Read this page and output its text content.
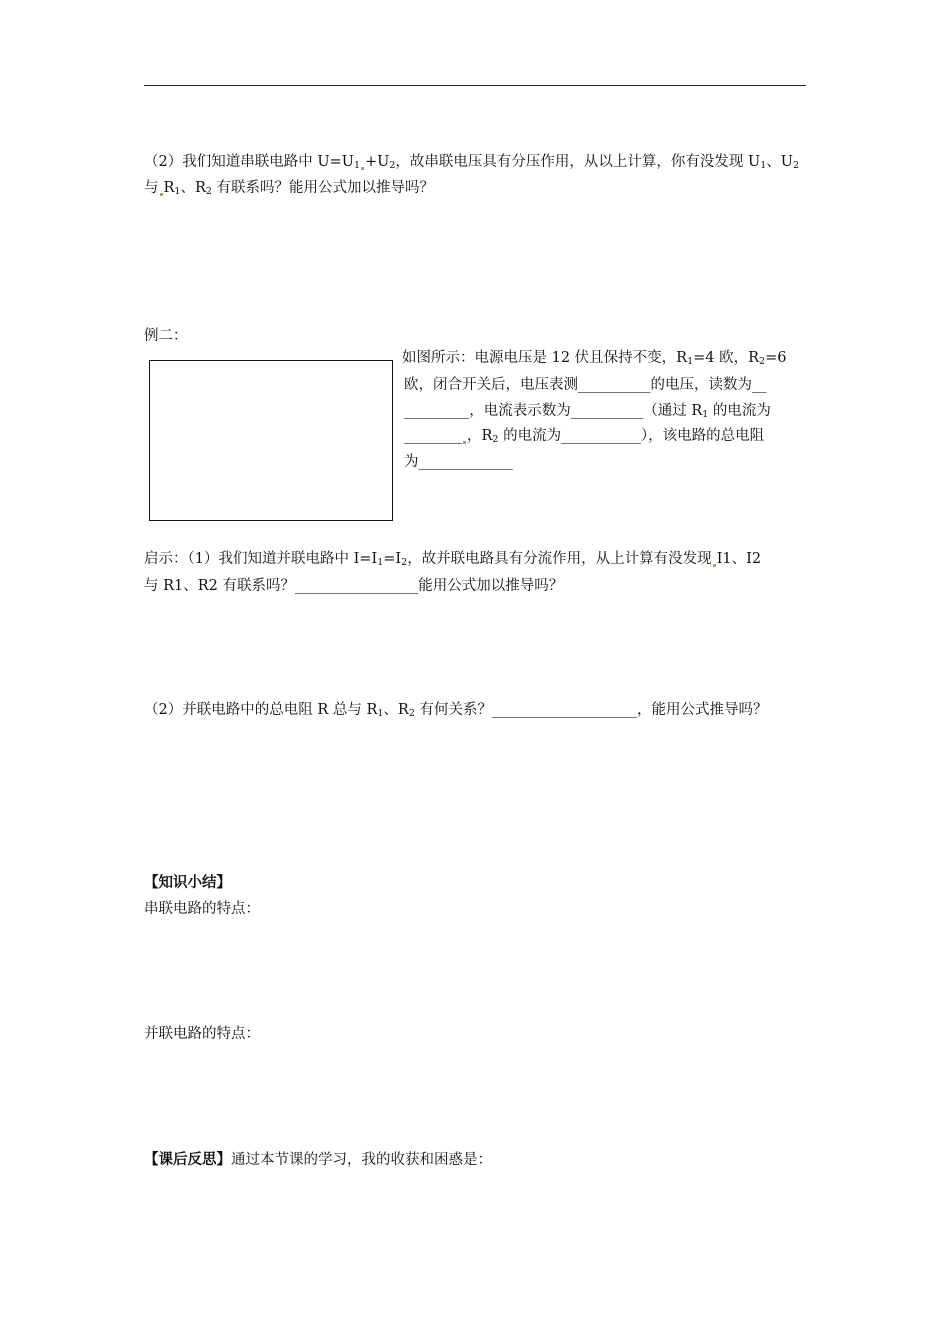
（2）我们知道串联电路中 $U=U_1 +U_2$，故串联电压具有分压作用，从以上计算，你有没发现 $U_1$、$U_2$
与 $R_1$、$R_2$ 有联系吗？能用公式加以推导吗？
例二：
如图所示：电源电压是 12 伏且保持不变，$R_1=4$ 欧，$R_2=6$
欧，闭合开关后，电压表测__________的电压，读数为__
_________，电流表示数为__________（通过 $R_1$ 的电流为
________ ，$R_2$ 的电流为___________），该电路的总电阻
为_____________
启示：（1）我们知道并联电路中 $I=I_1=I_2$，故并联电路具有分流作用，从上计算有没发现 I1、I2
与 R1、R2 有联系吗？_________________能用公式加以推导吗？
（2）并联电路中的总电阻 R 总与 $R_1$、$R_2$ 有何关系？____________________，能用公式推导吗？
【知识小结】
串联电路的特点：
并联电路的特点：
【课后反思】通过本节课的学习，我的收获和困惑是：
